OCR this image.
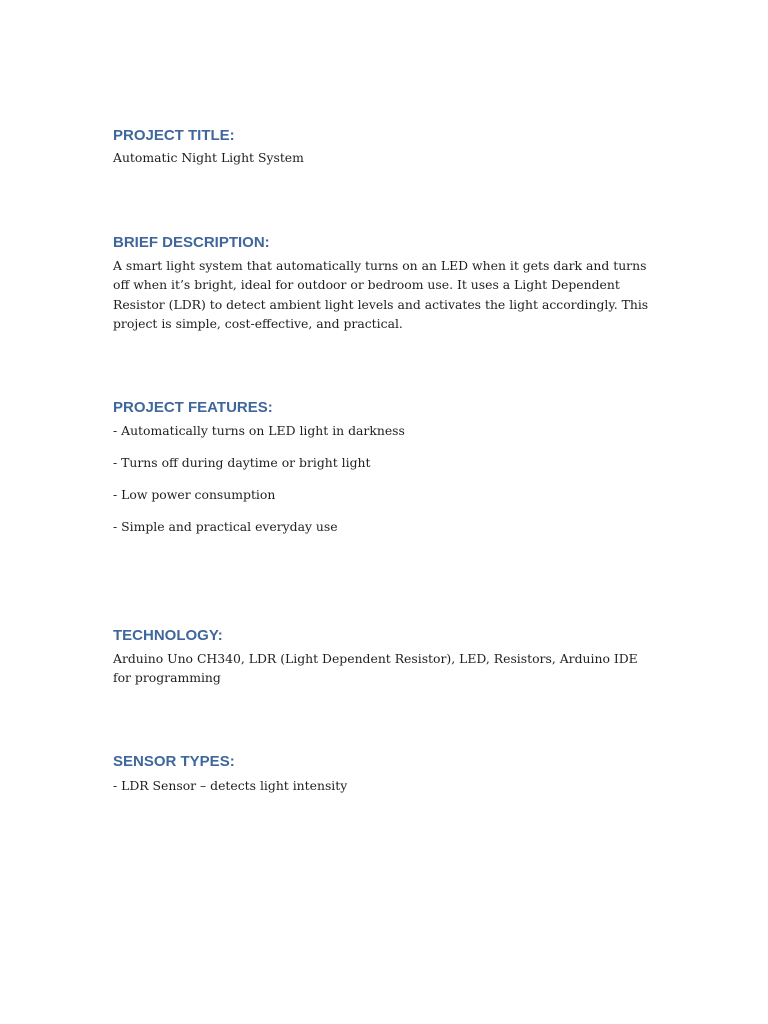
PROJECT TITLE:

Automatic Night Light System

BRIEF DESCRIPTION:

A smart light system that automatically turns on an LED when it gets dark and turns off when it’s bright, ideal for outdoor or bedroom use. It uses a Light Dependent Resistor (LDR) to detect ambient light levels and activates the light accordingly. This project is simple, cost-effective, and practical.

PROJECT FEATURES:

- Automatically turns on LED light in darkness

- Turns off during daytime or bright light

- Low power consumption

- Simple and practical everyday use

TECHNOLOGY:

Arduino Uno CH340, LDR (Light Dependent Resistor), LED, Resistors, Arduino IDE for programming

SENSOR TYPES:

- LDR Sensor – detects light intensity
